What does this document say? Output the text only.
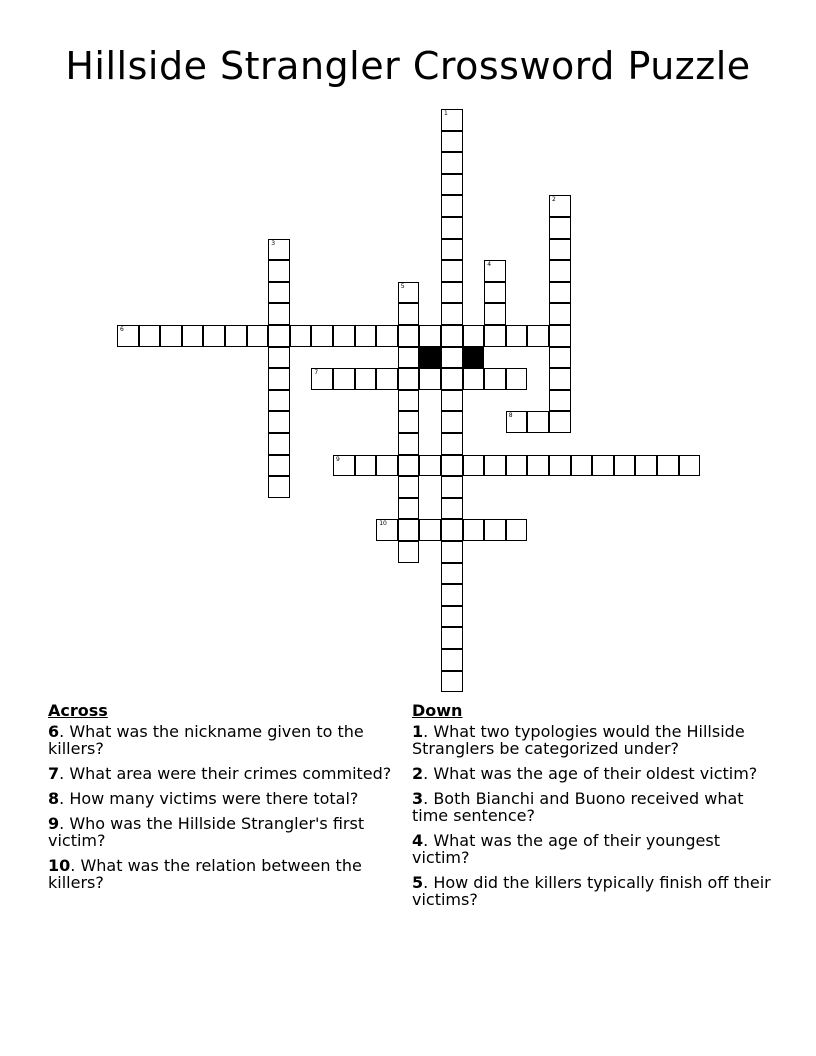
Hillside Strangler Crossword Puzzle
1
2
3
4
5
6
7
8
9
10
Across
6. What was the nickname given to the killers?
7. What area were their crimes commited?
8. How many victims were there total?
9. Who was the Hillside Strangler's first victim?
10. What was the relation between the killers?
Down
1. What two typologies would the Hillside Stranglers be categorized under?
2. What was the age of their oldest victim?
3. Both Bianchi and Buono received what time sentence?
4. What was the age of their youngest victim?
5. How did the killers typically finish off their victims?
